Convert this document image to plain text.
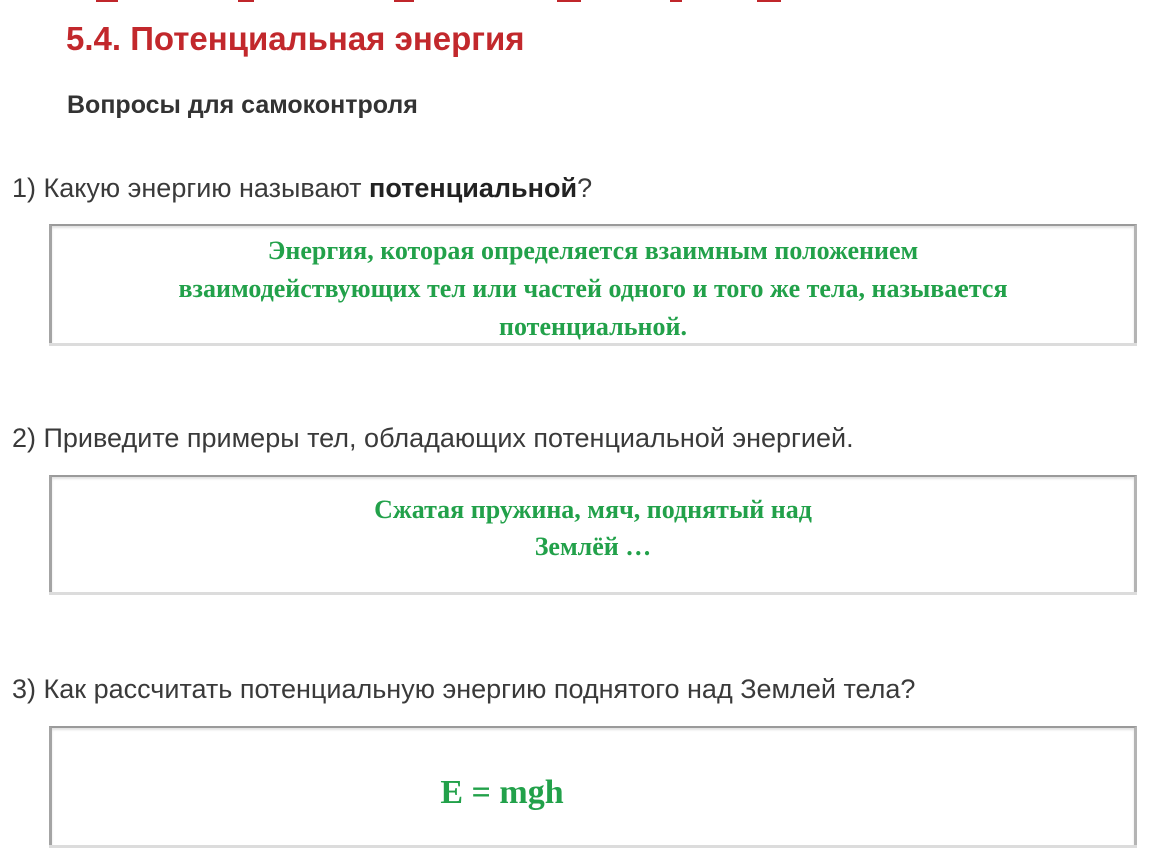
5.4. Потенциальная энергия
Вопросы для самоконтроля
1) Какую энергию называют потенциальной?
Энергия, которая определяется взаимным положением
взаимодействующих тел или частей одного и того же тела, называется
потенциальной.
2) Приведите примеры тел, обладающих потенциальной энергией.
Сжатая пружина, мяч, поднятый над
Землёй …
3) Как рассчитать потенциальную энергию поднятого над Землей тела?
E = mgh
